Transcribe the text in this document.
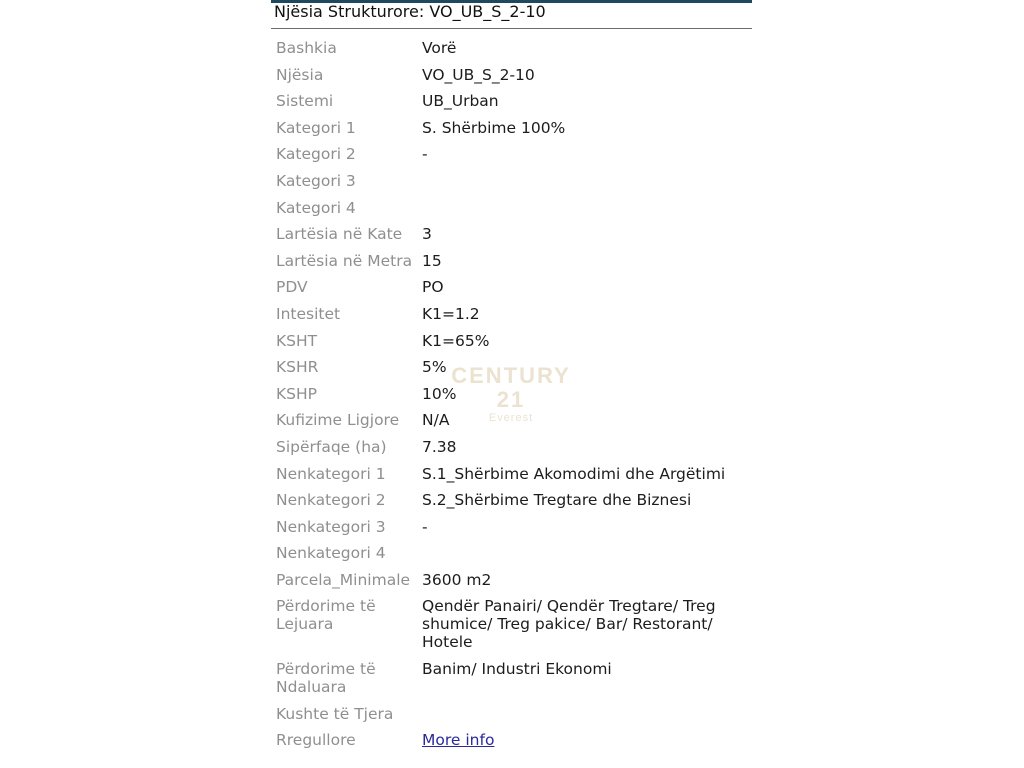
Njësia Strukturore: VO_UB_S_2-10
Bashkia	Vorë
Njësia	VO_UB_S_2-10
Sistemi	UB_Urban
Kategori 1	S. Shërbime 100%
Kategori 2	-
Kategori 3	
Kategori 4	
Lartësia në Kate	3
Lartësia në Metra	15
PDV	PO
Intesitet	K1=1.2
KSHT	K1=65%
KSHR	5%
KSHP	10%
Kufizime Ligjore	N/A
Sipërfaqe (ha)	7.38
Nenkategori 1	S.1_Shërbime Akomodimi dhe Argëtimi
Nenkategori 2	S.2_Shërbime Tregtare dhe Biznesi
Nenkategori 3	-
Nenkategori 4	
Parcela_Minimale	3600 m2
Përdorime të Lejuara	Qendër Panairi/ Qendër Tregtare/ Treg shumice/ Treg pakice/ Bar/ Restorant/ Hotele
Përdorime të Ndaluara	Banim/ Industri Ekonomi
Kushte të Tjera	
Rregullore	More info
CENTURY 21
Everest
